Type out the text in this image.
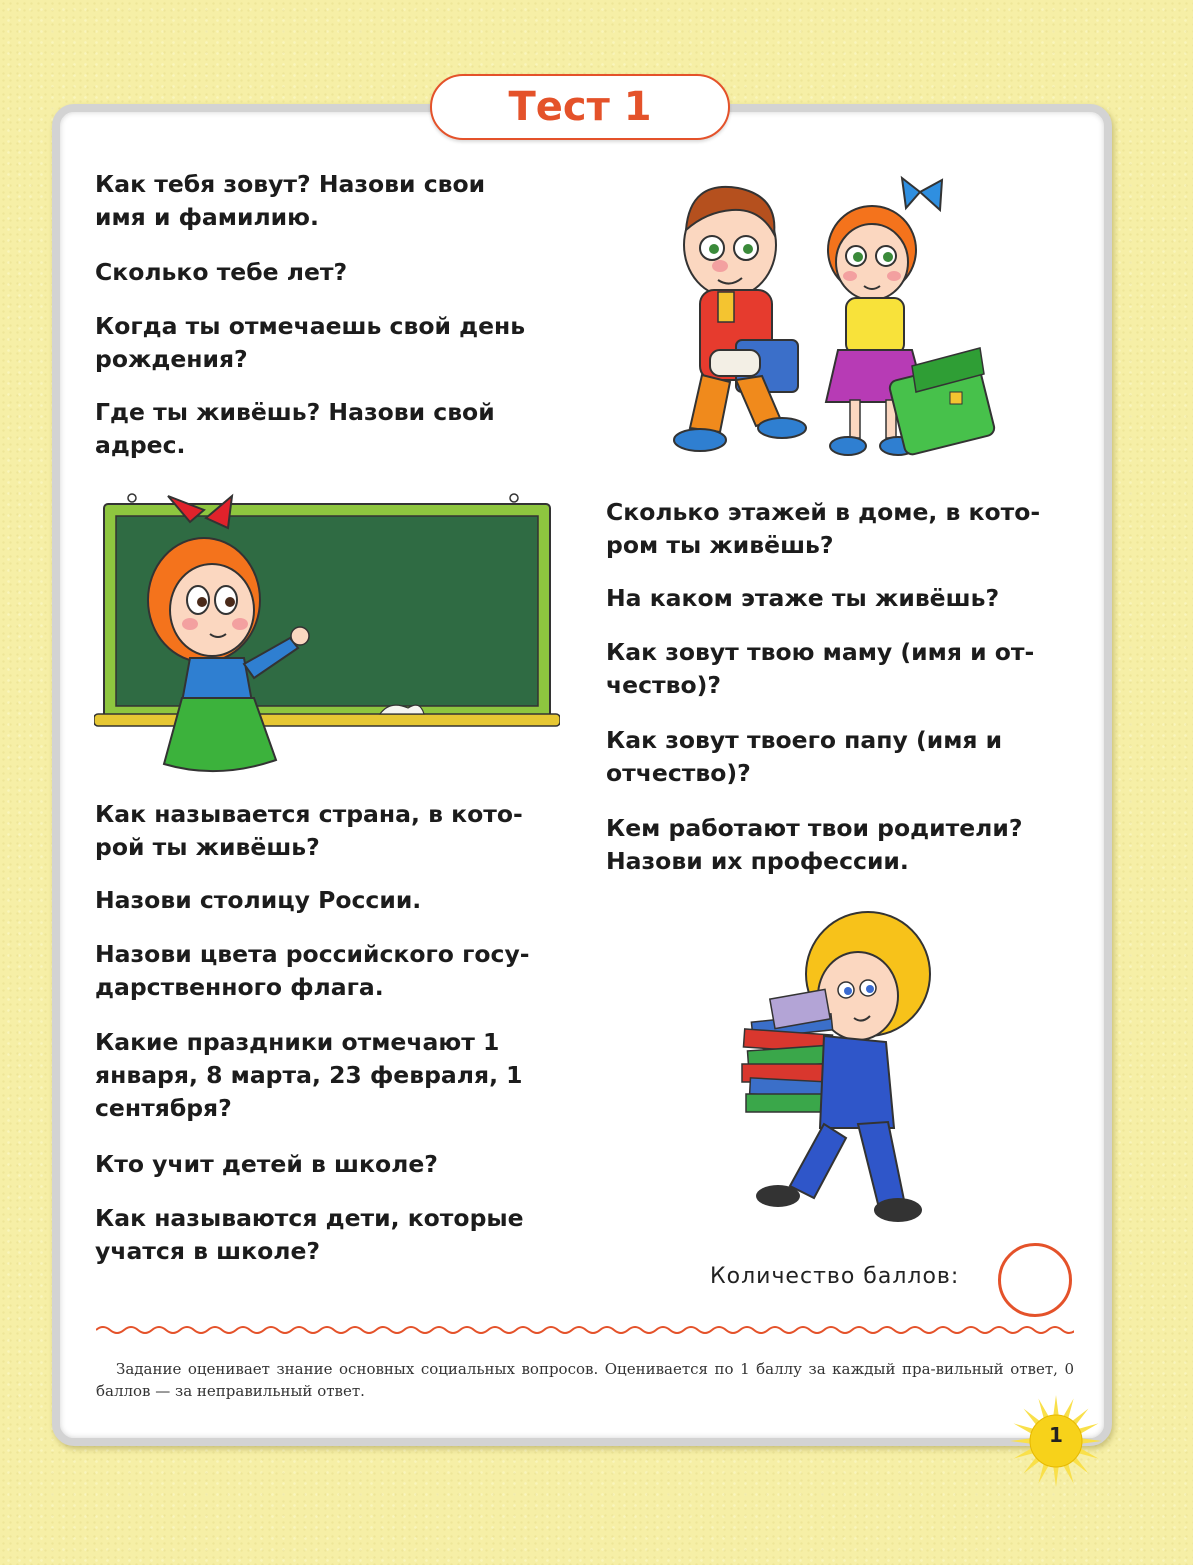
Тест 1

Как тебя зовут? Назови свои имя и фамилию.

Сколько тебе лет?

Когда ты отмечаешь свой день рождения?

Где ты живёшь? Назови свой адрес.

Сколько этажей в доме, в кото-ром ты живёшь?

На каком этаже ты живёшь?

Как зовут твою маму (имя и от-чество)?

Как зовут твоего папу (имя и отчество)?

Кем работают твои родители? Назови их профессии.

Как называется страна, в кото-рой ты живёшь?

Назови столицу России.

Назови цвета российского госу-дарственного флага.

Какие праздники отмечают 1 января, 8 марта, 23 февраля, 1 сентября?

Кто учит детей в школе?

Как называются дети, которые учатся в школе?

Количество баллов:

Задание оценивает знание основных социальных вопросов. Оценивается по 1 баллу за каждый пра-вильный ответ, 0 баллов — за неправильный ответ.

1
